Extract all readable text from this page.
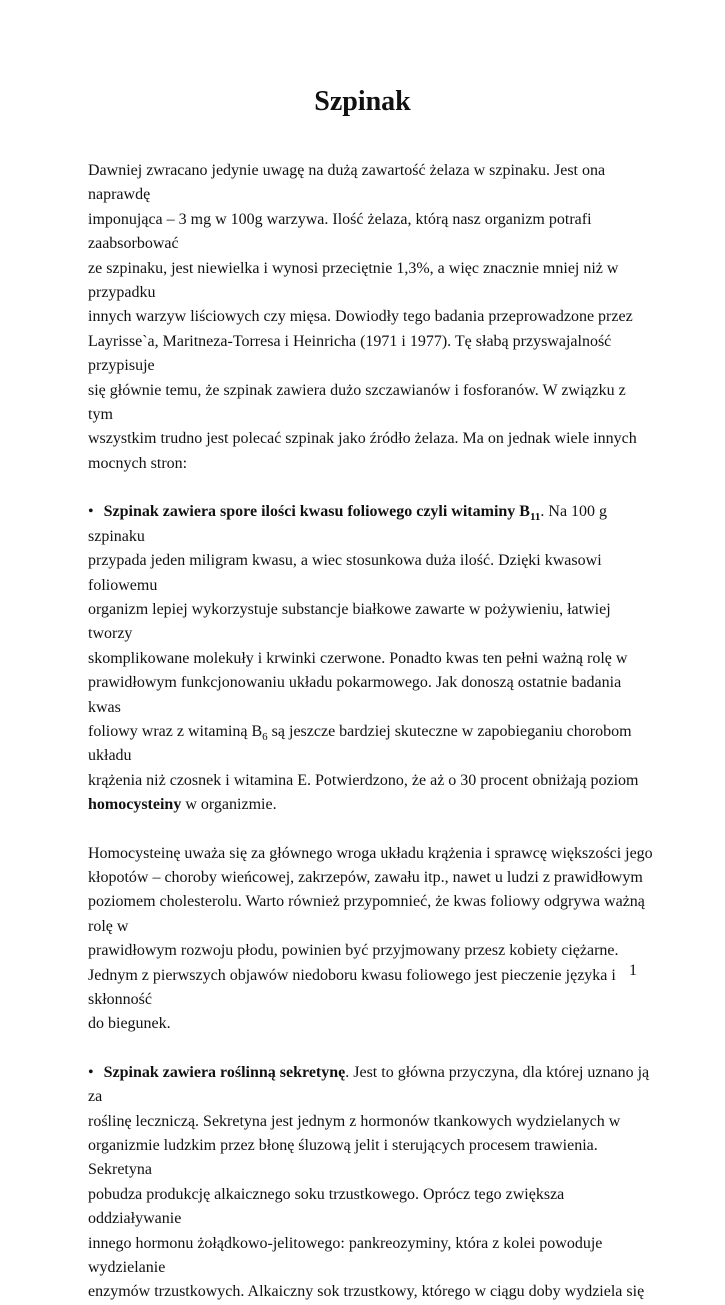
Szpinak

Dawniej zwracano jedynie uwagę na dużą zawartość żelaza w szpinaku. Jest ona naprawdę

imponująca – 3 mg w 100g warzywa. Ilość żelaza, którą nasz organizm potrafi zaabsorbować

ze szpinaku, jest niewielka i wynosi przeciętnie 1,3%, a więc znacznie mniej niż w przypadku

innych warzyw liściowych czy mięsa. Dowiodły tego badania przeprowadzone przez

Layrisse`a, Maritneza-Torresa i Heinricha (1971 i 1977). Tę słabą przyswajalność przypisuje

się głównie temu, że szpinak zawiera dużo szczawianów i fosforanów. W związku z tym

wszystkim trudno jest polecać szpinak jako źródło żelaza. Ma on jednak wiele innych

mocnych stron:

• Szpinak zawiera spore ilości kwasu foliowego czyli witaminy $B_{11}$. Na 100 g szpinaku

przypada jeden miligram kwasu, a wiec stosunkowa duża ilość. Dzięki kwasowi foliowemu

organizm lepiej wykorzystuje substancje białkowe zawarte w pożywieniu, łatwiej tworzy

skomplikowane molekuły i krwinki czerwone. Ponadto kwas ten pełni ważną rolę w

prawidłowym funkcjonowaniu układu pokarmowego. Jak donoszą ostatnie badania kwas

foliowy wraz z witaminą $B_6$ są jeszcze bardziej skuteczne w zapobieganiu chorobom układu

krążenia niż czosnek i witamina E. Potwierdzono, że aż o 30 procent obniżają poziom

homocysteiny w organizmie.

Homocysteinę uważa się za głównego wroga układu krążenia i sprawcę większości jego

kłopotów – choroby wieńcowej, zakrzepów, zawału itp., nawet u ludzi z prawidłowym

poziomem cholesterolu. Warto również przypomnieć, że kwas foliowy odgrywa ważną rolę w

prawidłowym rozwoju płodu, powinien być przyjmowany przesz kobiety ciężarne.

Jednym z pierwszych objawów niedoboru kwasu foliowego jest pieczenie języka i skłonność

do biegunek.

• Szpinak zawiera roślinną sekretynę. Jest to główna przyczyna, dla której uznano ją za

roślinę leczniczą. Sekretyna jest jednym z hormonów tkankowych wydzielanych w

organizmie ludzkim przez błonę śluzową jelit i sterujących procesem trawienia. Sekretyna

pobudza produkcję alkaicznego soku trzustkowego. Oprócz tego zwiększa oddziaływanie

innego hormonu żołądkowo-jelitowego: pankreozyminy, która z kolei powoduje wydzielanie

enzymów trzustkowych. Alkaiczny sok trzustkowy, którego w ciągu doby wydziela się

1
